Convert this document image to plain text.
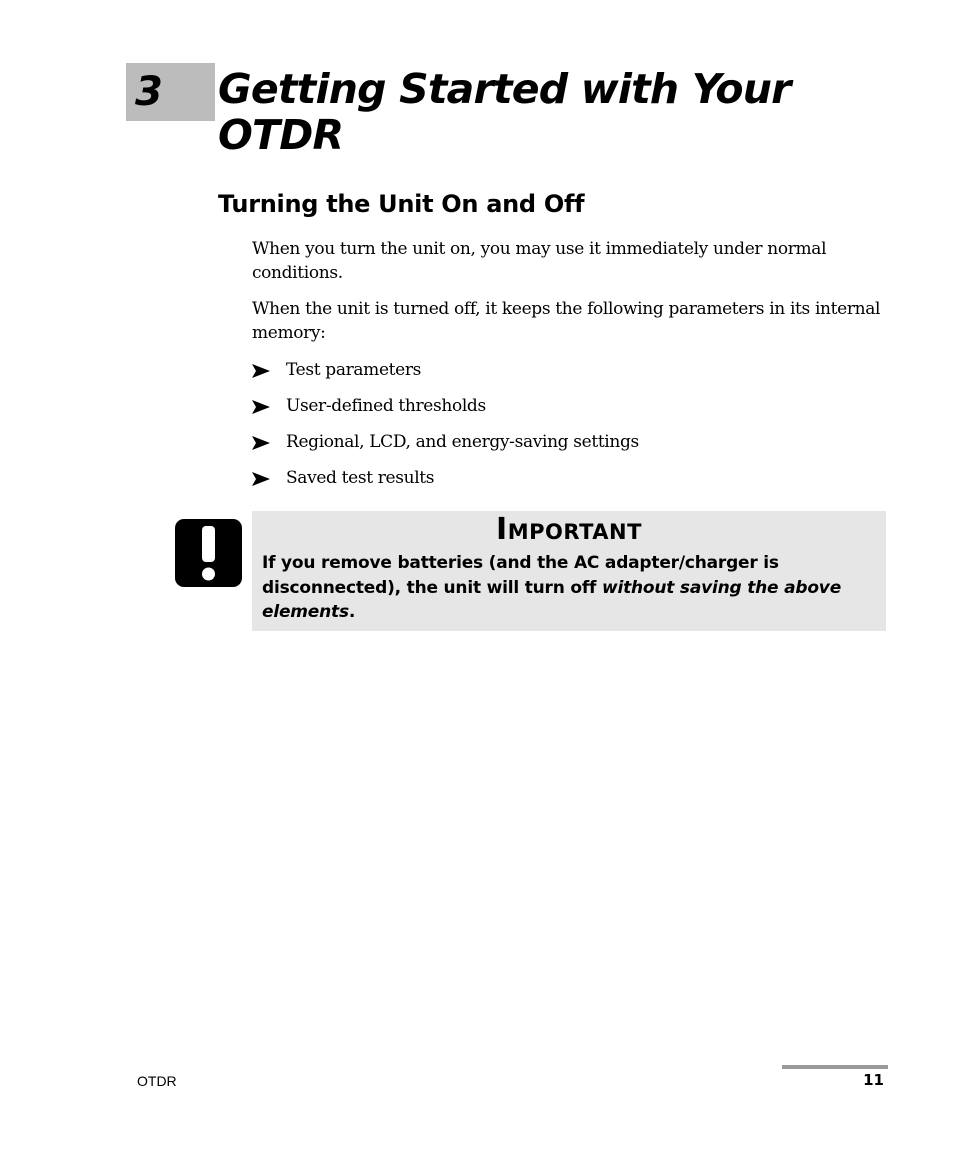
3 Getting Started with Your OTDR
Turning the Unit On and Off

When you turn the unit on, you may use it immediately under normal conditions.

When the unit is turned off, it keeps the following parameters in its internal memory:

Test parameters
User-defined thresholds
Regional, LCD, and energy-saving settings
Saved test results
Important

If you remove batteries (and the AC adapter/charger is disconnected), the unit will turn off without saving the above elements.

OTDR	11
